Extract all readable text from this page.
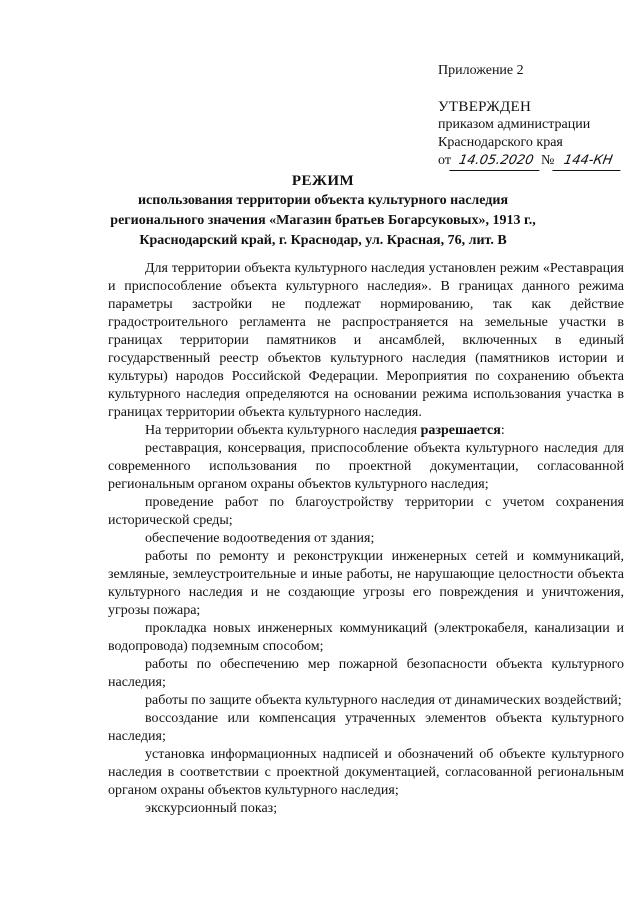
Приложение 2
УТВЕРЖДЕН
приказом администрации
Краснодарского края
от 14.05.2020 № 144-КН
РЕЖИМ
использования территории объекта культурного наследия
регионального значения «Магазин братьев Богарсуковых», 1913 г.,
Краснодарский край, г. Краснодар, ул. Красная, 76, лит. В

Для территории объекта культурного наследия установлен режим «Реставрация и приспособление объекта культурного наследия». В границах данного режима параметры застройки не подлежат нормированию, так как действие градостроительного регламента не распространяется на земельные участки в границах территории памятников и ансамблей, включенных в единый государственный реестр объектов культурного наследия (памятников истории и культуры) народов Российской Федерации. Мероприятия по сохранению объекта культурного наследия определяются на основании режима использования участка в границах территории объекта культурного наследия.

На территории объекта культурного наследия разрешается:

реставрация, консервация, приспособление объекта культурного наследия для современного использования по проектной документации, согласованной региональным органом охраны объектов культурного наследия;

проведение работ по благоустройству территории с учетом сохранения исторической среды;

обеспечение водоотведения от здания;

работы по ремонту и реконструкции инженерных сетей и коммуникаций, земляные, землеустроительные и иные работы, не нарушающие целостности объекта культурного наследия и не создающие угрозы его повреждения и уничтожения, угрозы пожара;

прокладка новых инженерных коммуникаций (электрокабеля, канализации и водопровода) подземным способом;

работы по обеспечению мер пожарной безопасности объекта культурного наследия;

работы по защите объекта культурного наследия от динамических воздействий;

воссоздание или компенсация утраченных элементов объекта культурного наследия;

установка информационных надписей и обозначений об объекте культурного наследия в соответствии с проектной документацией, согласованной региональным органом охраны объектов культурного наследия;

экскурсионный показ;
